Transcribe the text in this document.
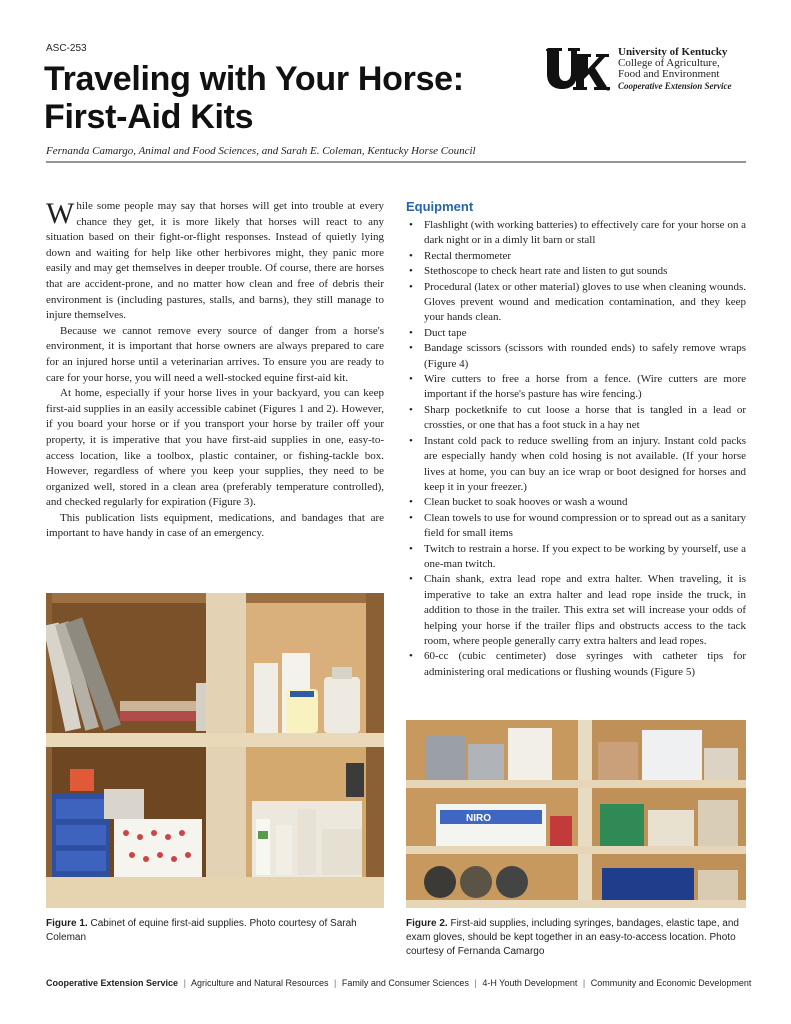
ASC-253
Traveling with Your Horse:
First-Aid Kits
University of Kentucky
College of Agriculture,
Food and Environment
Cooperative Extension Service
Fernanda Camargo, Animal and Food Sciences, and Sarah E. Coleman, Kentucky Horse Council

While some people may say that horses will get into trouble at every chance they get, it is more likely that horses will react to any situation based on their fight-or-flight responses. Instead of quietly lying down and waiting for help like other herbivores might, they panic more easily and may get themselves in deeper trouble. Of course, there are horses that are accident-prone, and no matter how clean and free of debris their environment is (including pastures, stalls, and barns), they still manage to injure themselves.

Because we cannot remove every source of danger from a horse's environment, it is important that horse owners are always prepared to care for an injured horse until a veterinarian arrives. To ensure you are ready to care for your horse, you will need a well-stocked equine first-aid kit.

At home, especially if your horse lives in your backyard, you can keep first-aid supplies in an easily accessible cabinet (Figures 1 and 2). However, if you board your horse or if you transport your horse by trailer off your property, it is imperative that you have first-aid supplies in one, easy-to-access location, like a toolbox, plastic container, or fishing-tackle box. However, regardless of where you keep your supplies, they need to be organized well, stored in a clean area (preferably temperature controlled), and checked regularly for expiration (Figure 3).

This publication lists equipment, medications, and bandages that are important to have handy in case of an emergency.

Equipment
• Flashlight (with working batteries) to effectively care for your horse on a dark night or in a dimly lit barn or stall
• Rectal thermometer
• Stethoscope to check heart rate and listen to gut sounds
• Procedural (latex or other material) gloves to use when cleaning wounds. Gloves prevent wound and medication contamination, and they keep your hands clean.
• Duct tape
• Bandage scissors (scissors with rounded ends) to safely remove wraps (Figure 4)
• Wire cutters to free a horse from a fence. (Wire cutters are more important if the horse's pasture has wire fencing.)
• Sharp pocketknife to cut loose a horse that is tangled in a lead or crossties, or one that has a foot stuck in a hay net
• Instant cold pack to reduce swelling from an injury. Instant cold packs are especially handy when cold hosing is not available. (If your horse lives at home, you can buy an ice wrap or boot designed for horses and keep it in your freezer.)
• Clean bucket to soak hooves or wash a wound
• Clean towels to use for wound compression or to spread out as a sanitary field for small items
• Twitch to restrain a horse. If you expect to be working by yourself, use a one-man twitch.
• Chain shank, extra lead rope and extra halter. When traveling, it is imperative to take an extra halter and lead rope inside the truck, in addition to those in the trailer. This extra set will increase your odds of helping your horse if the trailer flips and obstructs access to the tack room, where people generally carry extra halters and lead ropes.
• 60-cc (cubic centimeter) dose syringes with catheter tips for administering oral medications or flushing wounds (Figure 5)
NIRO
Figure 1. Cabinet of equine first-aid supplies. Photo courtesy of Sarah Coleman
Figure 2. First-aid supplies, including syringes, bandages, elastic tape, and exam gloves, should be kept together in an easy-to-access location. Photo courtesy of Fernanda Camargo
Cooperative Extension Service | Agriculture and Natural Resources | Family and Consumer Sciences | 4-H Youth Development | Community and Economic Development
